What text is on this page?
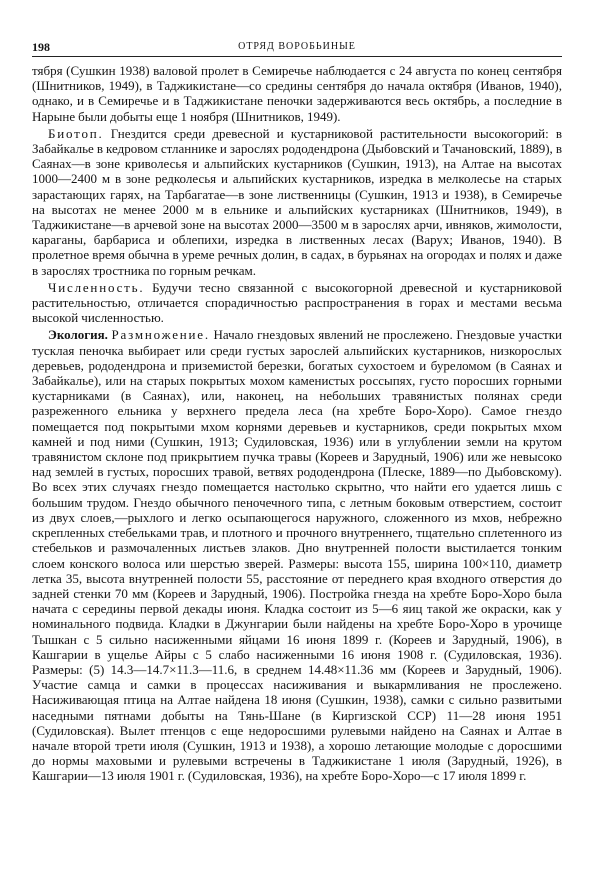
198	ОТРЯД ВОРОБЬИНЫЕ

тября (Сушкин 1938) валовой пролет в Семиречье наблюдается с 24 августа по конец сентября (Шнитников, 1949), в Таджикистане—со средины сентября до начала октября (Иванов, 1940), однако, и в Семиречье и в Таджикистане пеночки задерживаются весь октябрь, а последние в Нарыне были добыты еще 1 ноября (Шнитников, 1949).

Биотоп. Гнездится среди древесной и кустарниковой растительности высокогорий: в Забайкалье в кедровом стланнике и зарослях рододендрона (Дыбовский и Тачановский, 1889), в Саянах—в зоне криволесья и альпийских кустарников (Сушкин, 1913), на Алтае на высотах 1000—2400 м в зоне редколесья и альпийских кустарников, изредка в мелколесье на старых зарастающих гарях, на Тарбагатае—в зоне лиственницы (Сушкин, 1913 и 1938), в Семиречье на высотах не менее 2000 м в ельнике и альпийских кустарниках (Шнитников, 1949), в Таджикистане—в арчевой зоне на высотах 2000—3500 м в зарослях арчи, ивняков, жимолости, караганы, барбариса и облепихи, изредка в лиственных лесах (Варух; Иванов, 1940). В пролетное время обычна в уреме речных долин, в садах, в бурьянах на огородах и полях и даже в зарослях тростника по горным речкам.

Численность. Будучи тесно связанной с высокогорной древесной и кустарниковой растительностью, отличается спорадичностью распространения в горах и местами весьма высокой численностью.

Экология. Размножение. Начало гнездовых явлений не прослежено. Гнездовые участки тусклая пеночка выбирает или среди густых зарослей альпийских кустарников, низкорослых деревьев, рододендрона и приземистой березки, богатых сухостоем и буреломом (в Саянах и Забайкалье), или на старых покрытых мохом каменистых россыпях, густо поросших горными кустарниками (в Саянах), или, наконец, на небольших травянистых полянах среди разреженного ельника у верхнего предела леса (на хребте Боро-Хоро). Самое гнездо помещается под покрытыми мхом корнями деревьев и кустарников, среди покрытых мхом камней и под ними (Сушкин, 1913; Судиловская, 1936) или в углублении земли на крутом травянистом склоне под прикрытием пучка травы (Кореев и Зарудный, 1906) или же невысоко над землей в густых, поросших травой, ветвях рододендрона (Плеске, 1889—по Дыбовскому). Во всех этих случаях гнездо помещается настолько скрытно, что найти его удается лишь с большим трудом. Гнездо обычного пеночечного типа, с летным боковым отверстием, состоит из двух слоев,—рыхлого и легко осыпающегося наружного, сложенного из мхов, небрежно скрепленных стебельками трав, и плотного и прочного внутреннего, тщательно сплетенного из стебельков и размочаленных листьев злаков. Дно внутренней полости выстилается тонким слоем конского волоса или шерстью зверей. Размеры: высота 155, ширина 100×110, диаметр летка 35, высота внутренней полости 55, расстояние от переднего края входного отверстия до задней стенки 70 мм (Кореев и Зарудный, 1906). Постройка гнезда на хребте Боро-Хоро была начата с середины первой декады июня. Кладка состоит из 5—6 яиц такой же окраски, как у номинального подвида. Кладки в Джунгарии были найдены на хребте Боро-Хоро в урочище Тышкан с 5 сильно насиженными яйцами 16 июня 1899 г. (Кореев и Зарудный, 1906), в Кашгарии в ущелье Айры с 5 слабо насиженными 16 июня 1908 г. (Судиловская, 1936). Размеры: (5) 14.3—14.7×11.3—11.6, в среднем 14.48×11.36 мм (Кореев и Зарудный, 1906). Участие самца и самки в процессах насиживания и выкармливания не прослежено. Насиживающая птица на Алтае найдена 18 июня (Сушкин, 1938), самки с сильно развитыми наседными пятнами добыты на Тянь-Шане (в Киргизской ССР) 11—28 июня 1951 (Судиловская). Вылет птенцов с еще недоросшими рулевыми найдено на Саянах и Алтае в начале второй трети июля (Сушкин, 1913 и 1938), а хорошо летающие молодые с доросшими до нормы маховыми и рулевыми встречены в Таджикистане 1 июля (Зарудный, 1926), в Кашгарии—13 июля 1901 г. (Судиловская, 1936), на хребте Боро-Хоро—с 17 июля 1899 г.
